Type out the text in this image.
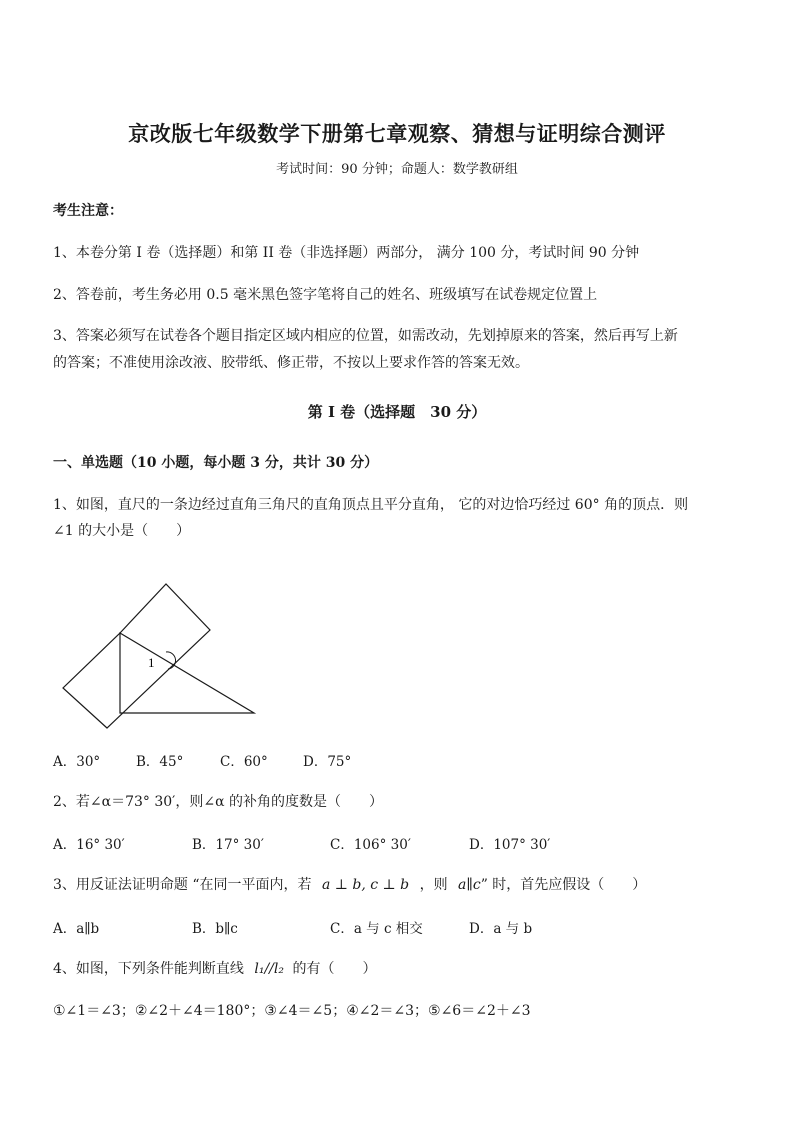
京改版七年级数学下册第七章观察、猜想与证明综合测评
考试时间：90 分钟；命题人：数学教研组
考生注意：
1、本卷分第 I 卷（选择题）和第 II 卷（非选择题）两部分， 满分 100 分，考试时间 90 分钟
2、答卷前，考生务必用 0.5 毫米黑色签字笔将自己的姓名、班级填写在试卷规定位置上
3、答案必须写在试卷各个题目指定区域内相应的位置，如需改动，先划掉原来的答案，然后再写上新
的答案；不准使用涂改液、胶带纸、修正带，不按以上要求作答的答案无效。
第 I 卷（选择题　30 分）
一、单选题（10 小题，每小题 3 分，共计 30 分）
1、如图，直尺的一条边经过直角三角尺的直角顶点且平分直角， 它的对边恰巧经过 60° 角的顶点．则
∠1 的大小是（　　）
1
A．30°	B．45°	C．60°	D．75°
2、若∠α＝73° 30′，则∠α 的补角的度数是（　　）
A．16° 30′	B．17° 30′	C．106° 30′	D．107° 30′
3、用反证法证明命题 “在同一平面内，若 a ⊥ b, c ⊥ b ，则 a∥c” 时，首先应假设（　　）
A．a∥b	B．b∥c	C．a 与 c 相交	D．a 与 b
4、如图，下列条件能判断直线 l₁//l₂ 的有（　　）
①∠1＝∠3；②∠2＋∠4＝180°；③∠4＝∠5；④∠2＝∠3；⑤∠6＝∠2＋∠3
